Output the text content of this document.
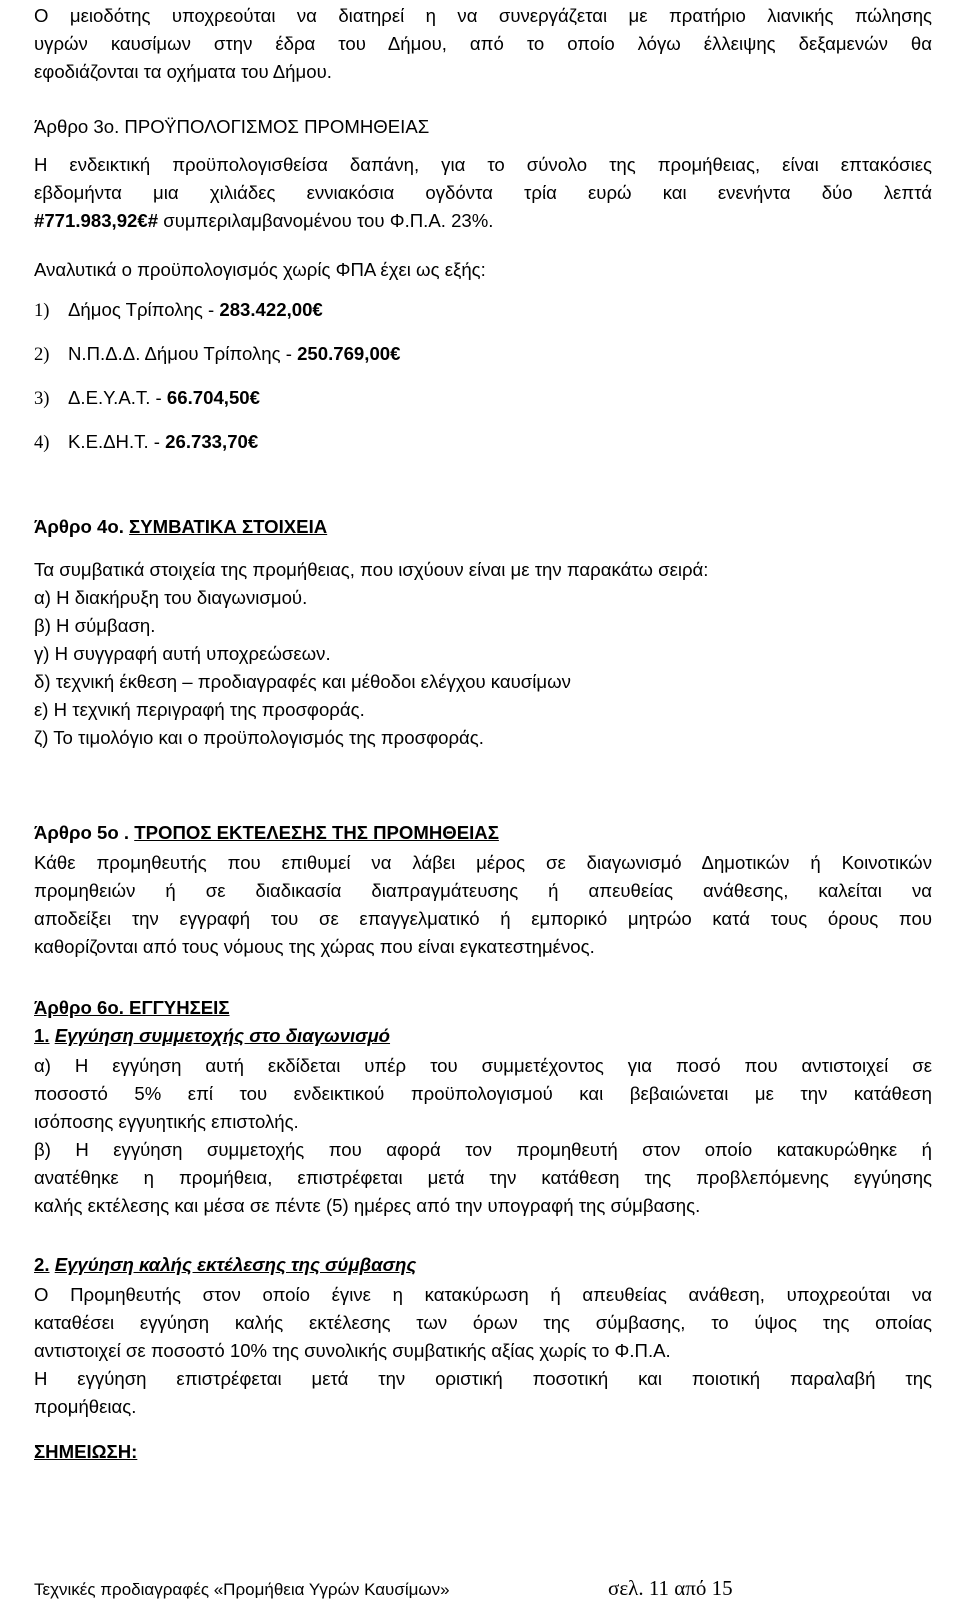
Ο μειοδότης υποχρεούται να διατηρεί η να συνεργάζεται με πρατήριο λιανικής πώλησης
υγρών καυσίμων στην έδρα του Δήμου, από το οποίο λόγω έλλειψης δεξαμενών θα
εφοδιάζονται τα οχήματα του Δήμου.

Άρθρο 3ο. ΠΡΟΫΠΟΛΟΓΙΣΜΟΣ ΠΡΟΜΗΘΕΙΑΣ

Η ενδεικτική προϋπολογισθείσα δαπάνη, για το σύνολο της προμήθειας, είναι επτακόσιες
εβδομήντα μια χιλιάδες εννιακόσια ογδόντα τρία ευρώ και ενενήντα δύο λεπτά
#771.983,92€# συμπεριλαμβανομένου του Φ.Π.Α. 23%.

Αναλυτικά ο προϋπολογισμός χωρίς ΦΠΑ έχει ως εξής:

1) Δήμος Τρίπολης - 283.422,00€
2) Ν.Π.Δ.Δ. Δήμου Τρίπολης - 250.769,00€
3) Δ.Ε.Υ.Α.Τ. - 66.704,50€
4) Κ.Ε.ΔΗ.Τ. - 26.733,70€

Άρθρο 4ο. ΣΥΜΒΑΤΙΚΑ ΣΤΟΙΧΕΙΑ

Τα συμβατικά στοιχεία της προμήθειας, που ισχύουν είναι με την παρακάτω σειρά:
α) Η διακήρυξη του διαγωνισμού.
β) Η σύμβαση.
γ) Η συγγραφή αυτή υποχρεώσεων.
δ) τεχνική έκθεση – προδιαγραφές και μέθοδοι ελέγχου καυσίμων
ε) Η τεχνική περιγραφή της προσφοράς.
ζ) Το τιμολόγιο και ο προϋπολογισμός της προσφοράς.

Άρθρο 5ο . ΤΡΟΠΟΣ ΕΚΤΕΛΕΣΗΣ ΤΗΣ ΠΡΟΜΗΘΕΙΑΣ

Κάθε προμηθευτής που επιθυμεί να λάβει μέρος σε διαγωνισμό Δημοτικών ή Κοινοτικών
προμηθειών ή σε διαδικασία διαπραγμάτευσης ή απευθείας ανάθεσης, καλείται να
αποδείξει την εγγραφή του σε επαγγελματικό ή εμπορικό μητρώο κατά τους όρους που
καθορίζονται από τους νόμους της χώρας που είναι εγκατεστημένος.

Άρθρο 6ο. ΕΓΓΥΗΣΕΙΣ

1. Εγγύηση συμμετοχής στο διαγωνισμό

α) Η εγγύηση αυτή εκδίδεται υπέρ του συμμετέχοντος για ποσό που αντιστοιχεί σε
ποσοστό 5% επί του ενδεικτικού προϋπολογισμού και βεβαιώνεται με την κατάθεση
ισόποσης εγγυητικής επιστολής.

β) Η εγγύηση συμμετοχής που αφορά τον προμηθευτή στον οποίο κατακυρώθηκε ή
ανατέθηκε η προμήθεια, επιστρέφεται μετά την κατάθεση της προβλεπόμενης εγγύησης
καλής εκτέλεσης και μέσα σε πέντε (5) ημέρες από την υπογραφή της σύμβασης.

2. Εγγύηση καλής εκτέλεσης της σύμβασης

Ο Προμηθευτής στον οποίο έγινε η κατακύρωση ή απευθείας ανάθεση, υποχρεούται να
καταθέσει εγγύηση καλής εκτέλεσης των όρων της σύμβασης, το ύψος της οποίας
αντιστοιχεί σε ποσοστό 10% της συνολικής συμβατικής αξίας χωρίς το Φ.Π.Α.

Η εγγύηση επιστρέφεται μετά την οριστική ποσοτική και ποιοτική παραλαβή της
προμήθειας.

ΣΗΜΕΙΩΣΗ:

Τεχνικές προδιαγραφές «Προμήθεια Υγρών Καυσίμων»	σελ. 11 από 15
